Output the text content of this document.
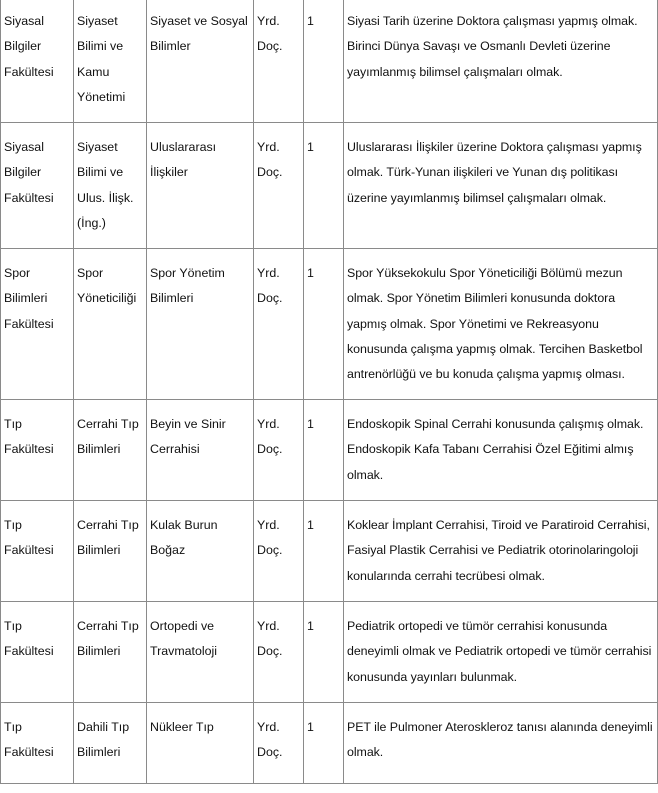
Siyasal Bilgiler Fakültesi	Siyaset Bilimi ve Kamu Yönetimi	Siyaset ve Sosyal Bilimler	Yrd. Doç.	1	Siyasi Tarih üzerine Doktora çalışması yapmış olmak. Birinci Dünya Savaşı ve Osmanlı Devleti üzerine yayımlanmış bilimsel çalışmaları olmak.
Siyasal Bilgiler Fakültesi	Siyaset Bilimi ve Ulus. İlişk. (İng.)	Uluslararası İlişkiler	Yrd. Doç.	1	Uluslararası İlişkiler üzerine Doktora çalışması yapmış olmak. Türk-Yunan ilişkileri ve Yunan dış politikası üzerine yayımlanmış bilimsel çalışmaları olmak.
Spor Bilimleri Fakültesi	Spor Yöneticiliği	Spor Yönetim Bilimleri	Yrd. Doç.	1	Spor Yüksekokulu Spor Yöneticiliği Bölümü mezun olmak. Spor Yönetim Bilimleri konusunda doktora yapmış olmak. Spor Yönetimi ve Rekreasyonu konusunda çalışma yapmış olmak. Tercihen Basketbol antrenörlüğü ve bu konuda çalışma yapmış olması.
Tıp Fakültesi	Cerrahi Tıp Bilimleri	Beyin ve Sinir Cerrahisi	Yrd. Doç.	1	Endoskopik Spinal Cerrahi konusunda çalışmış olmak. Endoskopik Kafa Tabanı Cerrahisi Özel Eğitimi almış olmak.
Tıp Fakültesi	Cerrahi Tıp Bilimleri	Kulak Burun Boğaz	Yrd. Doç.	1	Koklear İmplant Cerrahisi, Tiroid ve Paratiroid Cerrahisi, Fasiyal Plastik Cerrahisi ve Pediatrik otorinolaringoloji konularında cerrahi tecrübesi olmak.
Tıp Fakültesi	Cerrahi Tıp Bilimleri	Ortopedi ve Travmatoloji	Yrd. Doç.	1	Pediatrik ortopedi ve tümör cerrahisi konusunda deneyimli olmak ve Pediatrik ortopedi ve tümör cerrahisi konusunda yayınları bulunmak.
Tıp Fakültesi	Dahili Tıp Bilimleri	Nükleer Tıp	Yrd. Doç.	1	PET ile Pulmoner Ateroskleroz tanısı alanında deneyimli olmak.
